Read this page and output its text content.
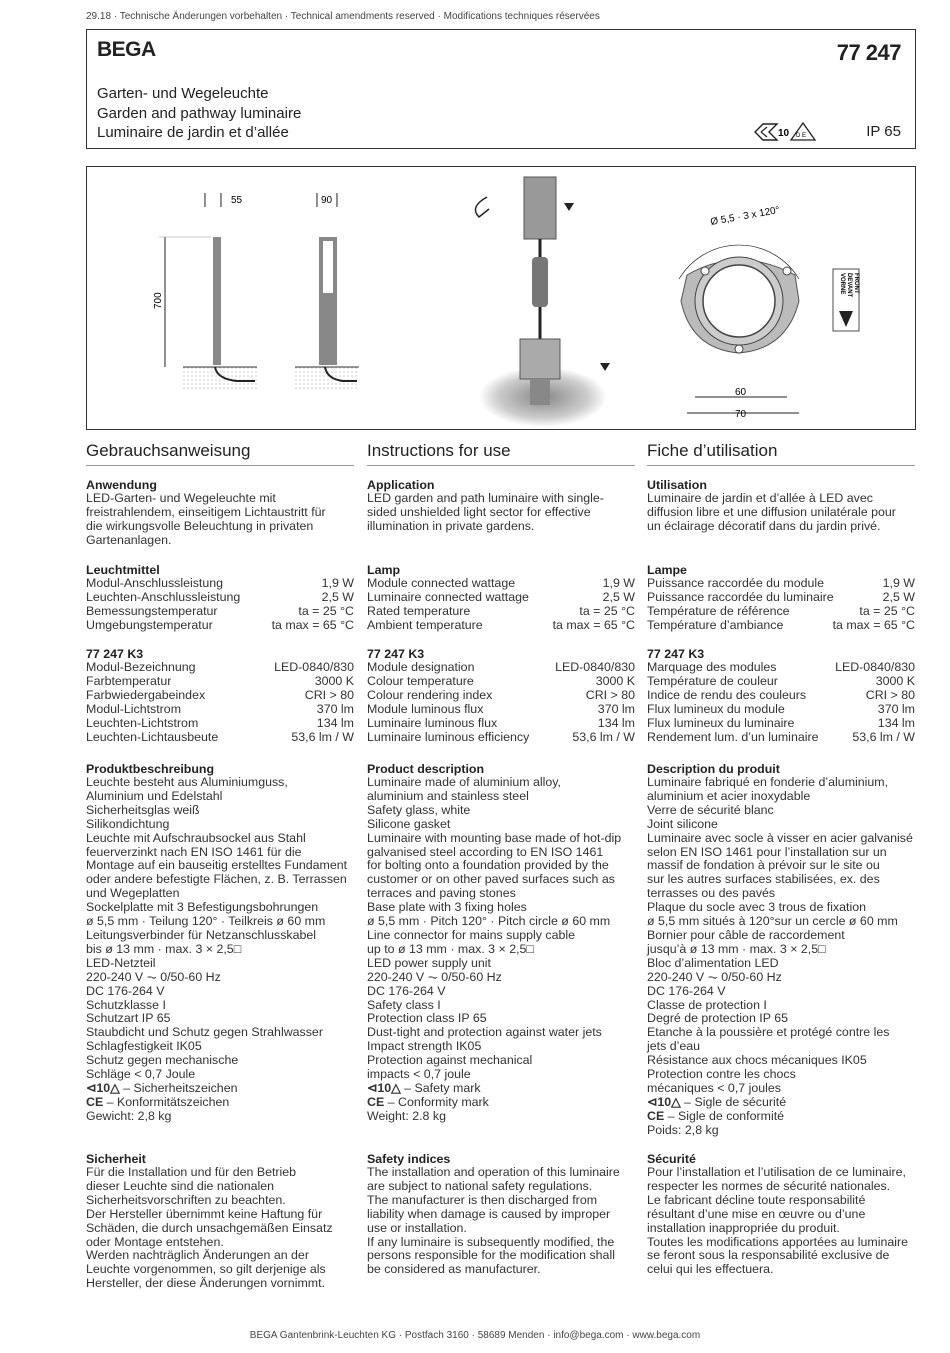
29.18 · Technische Änderungen vorbehalten · Technical amendments reserved · Modifications techniques réservées
BEGA	77 247
Garten- und Wegeleuchte
Garden and pathway luminaire
Luminaire de jardin et d’allée	10 D E	IP 65
55
700
90
Ø 5,5 · 3 x 120°
60
70
VORNE DEVANT FRONT
Gebrauchsanweisung
Anwendung
LED-Garten- und Wegeleuchte mit
freistrahlendem, einseitigem Lichtaustritt für
die wirkungsvolle Beleuchtung in privaten
Gartenanlagen.
Leuchtmittel
Modul-Anschlussleistung	1,9 W
Leuchten-Anschlussleistung	2,5 W
Bemessungstemperatur	ta = 25 °C
Umgebungstemperatur	ta max = 65 °C
77 247 K3
Modul-Bezeichnung	LED-0840/830
Farbtemperatur	3000 K
Farbwiedergabeindex	CRI > 80
Modul-Lichtstrom	370 lm
Leuchten-Lichtstrom	134 lm
Leuchten-Lichtausbeute	53,6 lm / W
Produktbeschreibung
Leuchte besteht aus Aluminiumguss,
Aluminium und Edelstahl
Sicherheitsglas weiß
Silikondichtung
Leuchte mit Aufschraubsockel aus Stahl
feuerverzinkt nach EN ISO 1461 für die
Montage auf ein bauseitig erstelltes Fundament
oder andere befestigte Flächen, z. B. Terrassen
und Wegeplatten
Sockelplatte mit 3 Befestigungsbohrungen
ø 5,5 mm · Teilung 120° · Teilkreis ø 60 mm
Leitungsverbinder für Netzanschlusskabel
bis ø 13 mm · max. 3 × 2,5□
LED-Netzteil
220-240 V ⏦ 0/50-60 Hz
DC 176-264 V
Schutzklasse I
Schutzart IP 65
Staubdicht und Schutz gegen Strahlwasser
Schlagfestigkeit IK05
Schutz gegen mechanische
Schläge < 0,7 Joule
⊲10△ – Sicherheitszeichen
CE – Konformitätszeichen
Gewicht: 2,8 kg
Sicherheit
Für die Installation und für den Betrieb
dieser Leuchte sind die nationalen
Sicherheitsvorschriften zu beachten.
Der Hersteller übernimmt keine Haftung für
Schäden, die durch unsachgemäßen Einsatz
oder Montage entstehen.
Werden nachträglich Änderungen an der
Leuchte vorgenommen, so gilt derjenige als
Hersteller, der diese Änderungen vornimmt.
Instructions for use
Application
LED garden and path luminaire with single-
sided unshielded light sector for effective
illumination in private gardens.
Lamp
Module connected wattage	1,9 W
Luminaire connected wattage	2,5 W
Rated temperature	ta = 25 °C
Ambient temperature	ta max = 65 °C
77 247 K3
Module designation	LED-0840/830
Colour temperature	3000 K
Colour rendering index	CRI > 80
Module luminous flux	370 lm
Luminaire luminous flux	134 lm
Luminaire luminous efficiency	53,6 lm / W
Product description
Luminaire made of aluminium alloy,
aluminium and stainless steel
Safety glass, white
Silicone gasket
Luminaire with mounting base made of hot-dip
galvanised steel according to EN ISO 1461
for bolting onto a foundation provided by the
customer or on other paved surfaces such as
terraces and paving stones
Base plate with 3 fixing holes
ø 5,5 mm · Pitch 120° · Pitch circle ø 60 mm
Line connector for mains supply cable
up to ø 13 mm · max. 3 × 2,5□
LED power supply unit
220-240 V ⏦ 0/50-60 Hz
DC 176-264 V
Safety class I
Protection class IP 65
Dust-tight and protection against water jets
Impact strength IK05
Protection against mechanical
impacts < 0,7 joule
⊲10△ – Safety mark
CE – Conformity mark
Weight: 2.8 kg
Safety indices
The installation and operation of this luminaire
are subject to national safety regulations.
The manufacturer is then discharged from
liability when damage is caused by improper
use or installation.
If any luminaire is subsequently modified, the
persons responsible for the modification shall
be considered as manufacturer.
Fiche d’utilisation
Utilisation
Luminaire de jardin et d’allée à LED avec
diffusion libre et une diffusion unilatérale pour
un éclairage décoratif dans du jardin privé.
Lampe
Puissance raccordée du module	1,9 W
Puissance raccordée du luminaire	2,5 W
Température de référence	ta = 25 °C
Température d’ambiance	ta max = 65 °C
77 247 K3
Marquage des modules	LED-0840/830
Température de couleur	3000 K
Indice de rendu des couleurs	CRI > 80
Flux lumineux du module	370 lm
Flux lumineux du luminaire	134 lm
Rendement lum. d’un luminaire	53,6 lm / W
Description du produit
Luminaire fabriqué en fonderie d’aluminium,
aluminium et acier inoxydable
Verre de sécurité blanc
Joint silicone
Luminaire avec socle à visser en acier galvanisé
selon EN ISO 1461 pour l’installation sur un
massif de fondation à prévoir sur le site ou
sur les autres surfaces stabilisées, ex. des
terrasses ou des pavés
Plaque du socle avec 3 trous de fixation
ø 5,5 mm situés à 120°sur un cercle ø 60 mm
Bornier pour câble de raccordement
jusqu’à ø 13 mm · max. 3 × 2,5□
Bloc d’alimentation LED
220-240 V ⏦ 0/50-60 Hz
DC 176-264 V
Classe de protection I
Degré de protection IP 65
Etanche à la poussière et protégé contre les
jets d’eau
Résistance aux chocs mécaniques IK05
Protection contre les chocs
mécaniques < 0,7 joules
⊲10△ – Sigle de sécurité
CE – Sigle de conformité
Poids: 2,8 kg
Sécurité
Pour l’installation et l’utilisation de ce luminaire,
respecter les normes de sécurité nationales.
Le fabricant décline toute responsabilité
résultant d’une mise en œuvre ou d’une
installation inappropriée du produit.
Toutes les modifications apportées au luminaire
se feront sous la responsabilité exclusive de
celui qui les effectuera.
BEGA Gantenbrink-Leuchten KG · Postfach 3160 · 58689 Menden · info@bega.com · www.bega.com
